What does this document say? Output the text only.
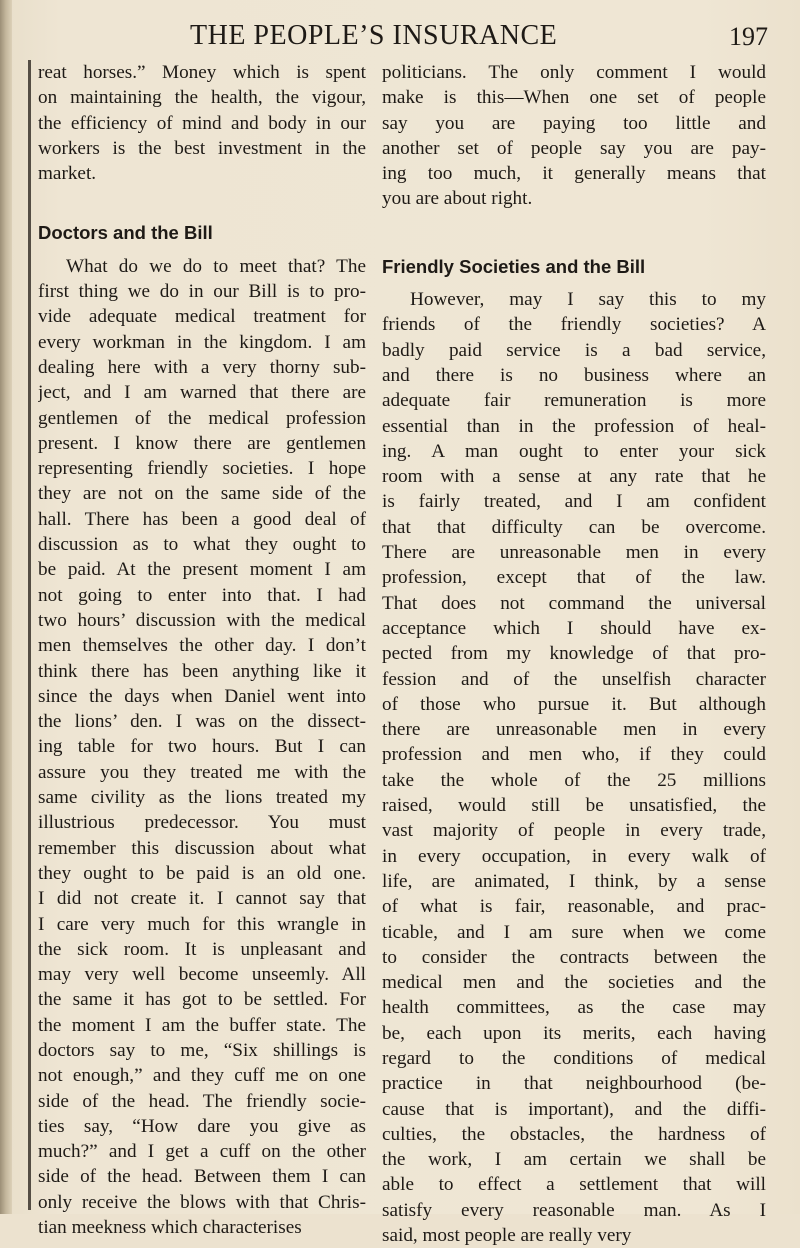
THE PEOPLE’S INSURANCE	197
reat horses.” Money which is spent
on maintaining the health, the vigour,
the efficiency of mind and body in our
workers is the best investment in the
market.
Doctors and the Bill
What do we do to meet that? The
first thing we do in our Bill is to pro-
vide adequate medical treatment for
every workman in the kingdom. I am
dealing here with a very thorny sub-
ject, and I am warned that there are
gentlemen of the medical profession
present. I know there are gentlemen
representing friendly societies. I hope
they are not on the same side of the
hall. There has been a good deal of
discussion as to what they ought to
be paid. At the present moment I am
not going to enter into that. I had
two hours’ discussion with the medical
men themselves the other day. I don’t
think there has been anything like it
since the days when Daniel went into
the lions’ den. I was on the dissect-
ing table for two hours. But I can
assure you they treated me with the
same civility as the lions treated my
illustrious predecessor. You must
remember this discussion about what
they ought to be paid is an old one.
I did not create it. I cannot say that
I care very much for this wrangle in
the sick room. It is unpleasant and
may very well become unseemly. All
the same it has got to be settled. For
the moment I am the buffer state. The
doctors say to me, “Six shillings is
not enough,” and they cuff me on one
side of the head. The friendly socie-
ties say, “How dare you give as
much?” and I get a cuff on the other
side of the head. Between them I can
only receive the blows with that Chris-
tian meekness which characterises
politicians. The only comment I would
make is this—When one set of people
say you are paying too little and
another set of people say you are pay-
ing too much, it generally means that
you are about right.
Friendly Societies and the Bill
However, may I say this to my
friends of the friendly societies? A
badly paid service is a bad service,
and there is no business where an
adequate fair remuneration is more
essential than in the profession of heal-
ing. A man ought to enter your sick
room with a sense at any rate that he
is fairly treated, and I am confident
that that difficulty can be overcome.
There are unreasonable men in every
profession, except that of the law.
That does not command the universal
acceptance which I should have ex-
pected from my knowledge of that pro-
fession and of the unselfish character
of those who pursue it. But although
there are unreasonable men in every
profession and men who, if they could
take the whole of the 25 millions
raised, would still be unsatisfied, the
vast majority of people in every trade,
in every occupation, in every walk of
life, are animated, I think, by a sense
of what is fair, reasonable, and prac-
ticable, and I am sure when we come
to consider the contracts between the
medical men and the societies and the
health committees, as the case may
be, each upon its merits, each having
regard to the conditions of medical
practice in that neighbourhood (be-
cause that is important), and the diffi-
culties, the obstacles, the hardness of
the work, I am certain we shall be
able to effect a settlement that will
satisfy every reasonable man. As I
said, most people are really very
